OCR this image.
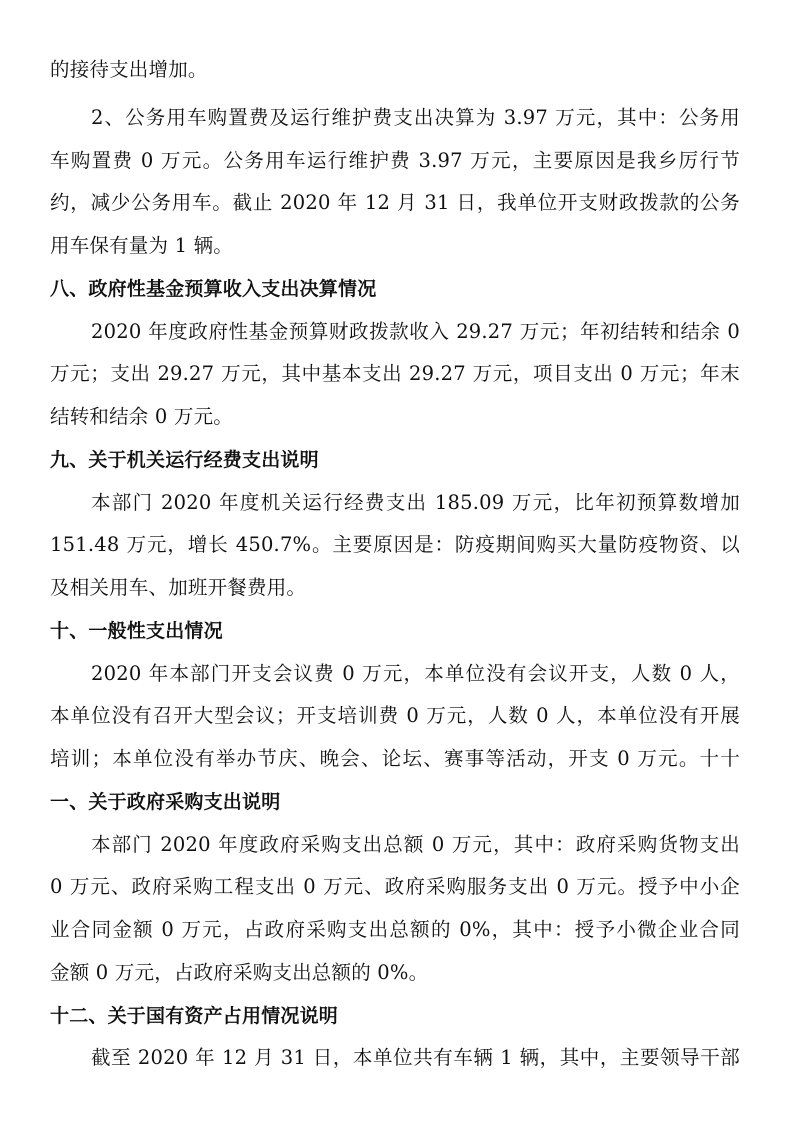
的接待支出增加。
2、公务用车购置费及运行维护费支出决算为 3.97 万元，其中：公务用
车购置费 0 万元。公务用车运行维护费 3.97 万元，主要原因是我乡厉行节
约，减少公务用车。截止 2020 年 12 月 31 日，我单位开支财政拨款的公务
用车保有量为 1 辆。
八、政府性基金预算收入支出决算情况
2020 年度政府性基金预算财政拨款收入 29.27 万元；年初结转和结余 0
万元；支出 29.27 万元，其中基本支出 29.27 万元，项目支出 0 万元；年末
结转和结余 0 万元。
九、关于机关运行经费支出说明
本部门 2020 年度机关运行经费支出 185.09 万元，比年初预算数增加
151.48 万元，增长 450.7%。主要原因是：防疫期间购买大量防疫物资、以
及相关用车、加班开餐费用。
十、一般性支出情况
2020 年本部门开支会议费 0 万元，本单位没有会议开支，人数 0 人，
本单位没有召开大型会议；开支培训费 0 万元，人数 0 人，本单位没有开展
培训；本单位没有举办节庆、晚会、论坛、赛事等活动，开支 0 万元。十十
一、关于政府采购支出说明
本部门 2020 年度政府采购支出总额 0 万元，其中：政府采购货物支出
0 万元、政府采购工程支出 0 万元、政府采购服务支出 0 万元。授予中小企
业合同金额 0 万元，占政府采购支出总额的 0%，其中：授予小微企业合同
金额 0 万元，占政府采购支出总额的 0%。
十二、关于国有资产占用情况说明
截至 2020 年 12 月 31 日，本单位共有车辆 1 辆，其中，主要领导干部
